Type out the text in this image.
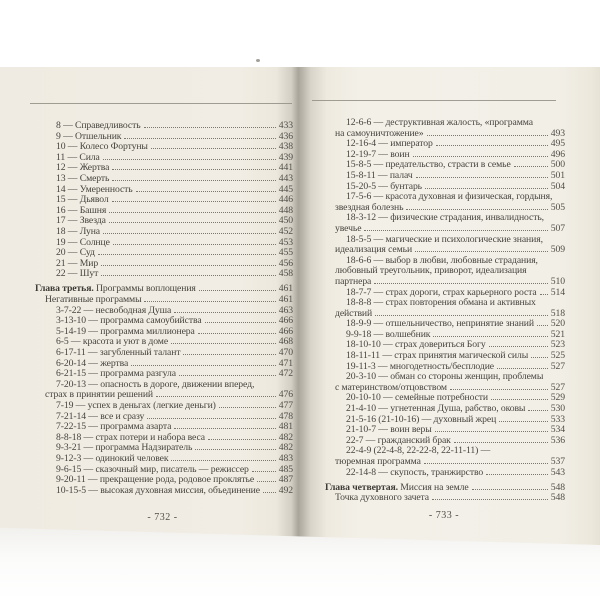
8 — Справедливость	433
9 — Отшельник	436
10 — Колесо Фортуны	438
11 — Сила	439
12 — Жертва	441
13 — Смерть	443
14 — Умеренность	445
15 — Дьявол	446
16 — Башня	448
17 — Звезда	450
18 — Луна	452
19 — Солнце	453
20 — Суд	455
21 — Мир	456
22 — Шут	458
Глава третья. Программы воплощения	461
Негативные программы	461
3-7-22 — несвободная Душа	463
3-13-10 — программа самоубийства	466
5-14-19 — программа миллионера	466
6-5 — красота и уют в доме	468
6-17-11 — загубленный талант	470
6-20-14 — жертва	471
6-21-15 — программа разгула	472
7-20-13 — опасность в дороге, движении вперед,
страх в принятии решений	476
7-19 — успех в деньгах (легкие деньги)	477
7-21-14 — все и сразу	478
7-22-15 — программа азарта	481
8-8-18 — страх потери и набора веса	482
9-3-21 — программа Надзиратель	482
9-12-3 — одинокий человек	483
9-6-15 — сказочный мир, писатель — режиссер	485
9-20-11 — прекращение рода, родовое проклятье	487
10-15-5 — высокая духовная миссия, объединение 492
12-6-6 — деструктивная жалость, «программа
на самоуничтожение»	493
12-16-4 — император	495
12-19-7 — воин	496
15-8-5 — предательство, страсти в семье	500
15-8-11 — палач	501
15-20-5 — бунтарь	504
17-5-6 — красота духовная и физическая, гордыня,
звездная болезнь	505
18-3-12 — физические страдания, инвалидность,
увечье	507
18-5-5 — магические и психологические знания,
идеализация семьи	509
18-6-6 — выбор в любви, любовные страдания,
любовный треугольник, приворот, идеализация
партнера	510
18-7-7 — страх дороги, страх карьерного роста 514
18-8-8 — страх повторения обмана и активных
действий	518
18-9-9 — отшельничество, непринятие знаний 520
9-9-18 — волшебник	521
18-10-10 — страх довериться Богу	523
18-11-11 — страх принятия магической силы 525
19-11-3 — многодетность/бесплодие	527
20-3-10 — обман со стороны женщин, проблемы
с материнством/отцовством	527
20-10-10 — семейные потребности	529
21-4-10 — угнетенная Душа, рабство, оковы	530
21-5-16 (21-10-16) — духовный жрец	533
21-10-7 — воин веры	534
22-7 — гражданский брак	536
22-4-9 (22-4-8, 22-22-8, 22-11-11) —
тюремная программа	537
22-14-8 — скупость, транжирство	543
Глава четвертая. Миссия на земле	548
Точка духовного зачета	548
- 732 -	- 733 -
